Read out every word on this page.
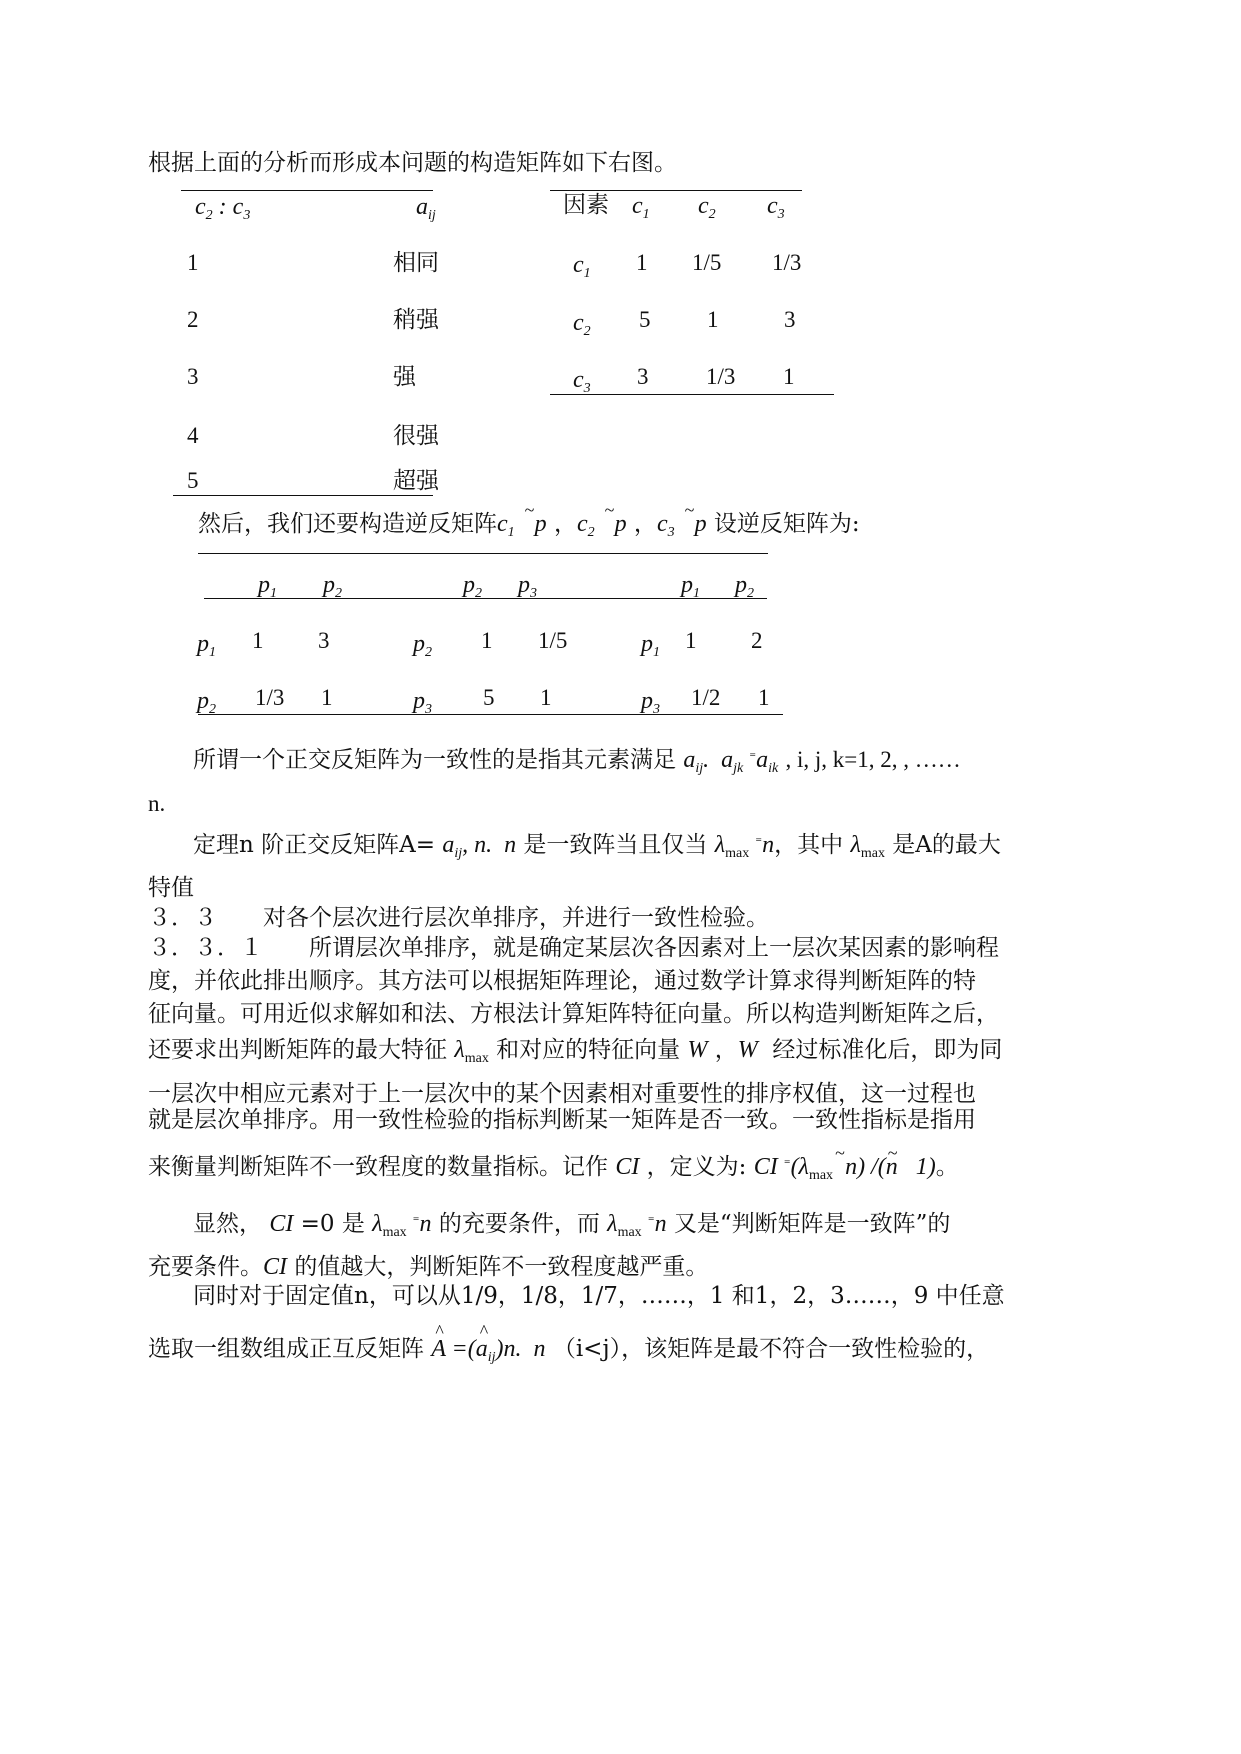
根据上面的分析而形成本问题的构造矩阵如下右图。
$c_2$ : $c_3$	$a_{ij}$
1	相同
2	稍强
3	强
4	很强
5	超强
因素 $c_1$ $c_2$ $c_3$
$c_1$ 1 1/5 1/3
$c_2$ 5 1	3
$c_3$ 3	1/3 1
然后，我们还要构造逆反矩阵$c_1$  p ，$c_2$  p ，$c_3$  p 设逆反矩阵为:
$p_1$ $p_2$	$p_2$ $p_3$	$p_1$ $p_2$
$p_1$ 1 3	$p_2$ 1 1/5	$p_1$ 1 2
$p_2$ 1/3 1	$p_3$ 5 1	$p_3$ 1/2 1
所谓一个正交反矩阵为一致性的是指其元素满足 $a_{ij}$.  $a_{jk}$ $^{^=}a_{ik}$ , i, j, k=1, 2, , ……
n.
定理n 阶正交反矩阵$A= a_{ij}$, n.  n 是一致阵当且仅当 $\lambda_{max}$ ⁼n，其中 $\lambda_{max}$ 是A的最大
特值
３．３　　对各个层次进行层次单排序，并进行一致性检验。
３．３．１　　所谓层次单排序，就是确定某层次各因素对上一层次某因素的影响程
度，并依此排出顺序。其方法可以根据矩阵理论，通过数学计算求得判断矩阵的特
征向量。可用近似求解如和法、方根法计算矩阵特征向量。所以构造判断矩阵之后，
还要求出判断矩阵的最大特征 $\lambda_{max}$ 和对应的特征向量 W ，W 经过标准化后，即为同
一层次中相应元素对于上一层次中的某个因素相对重要性的排序权值，这一过程也
就是层次单排序。用一致性检验的指标判断某一矩阵是否一致。一致性指标是指用
来衡量判断矩阵不一致程度的数量指标。记作 CI ，定义为: CI $^{^=}(\lambda_{max}$  n) /(n   1)。
显然， CI =0 是 $\lambda_{max}$ ⁼n 的充要条件，而 $\lambda_{max}$ ⁼n 又是“判断矩阵是一致阵”的
充要条件。CI 的值越大，判断矩阵不一致程度越严重。
同时对于固定值n，可以从1/9，1/8，1/7，……，1 和1，2，3……，9 中任意
选取一组数组成正互反矩阵 ^ A =(^ $a_{ij})n$.  n （i<j），该矩阵是最不符合一致性检验的，
